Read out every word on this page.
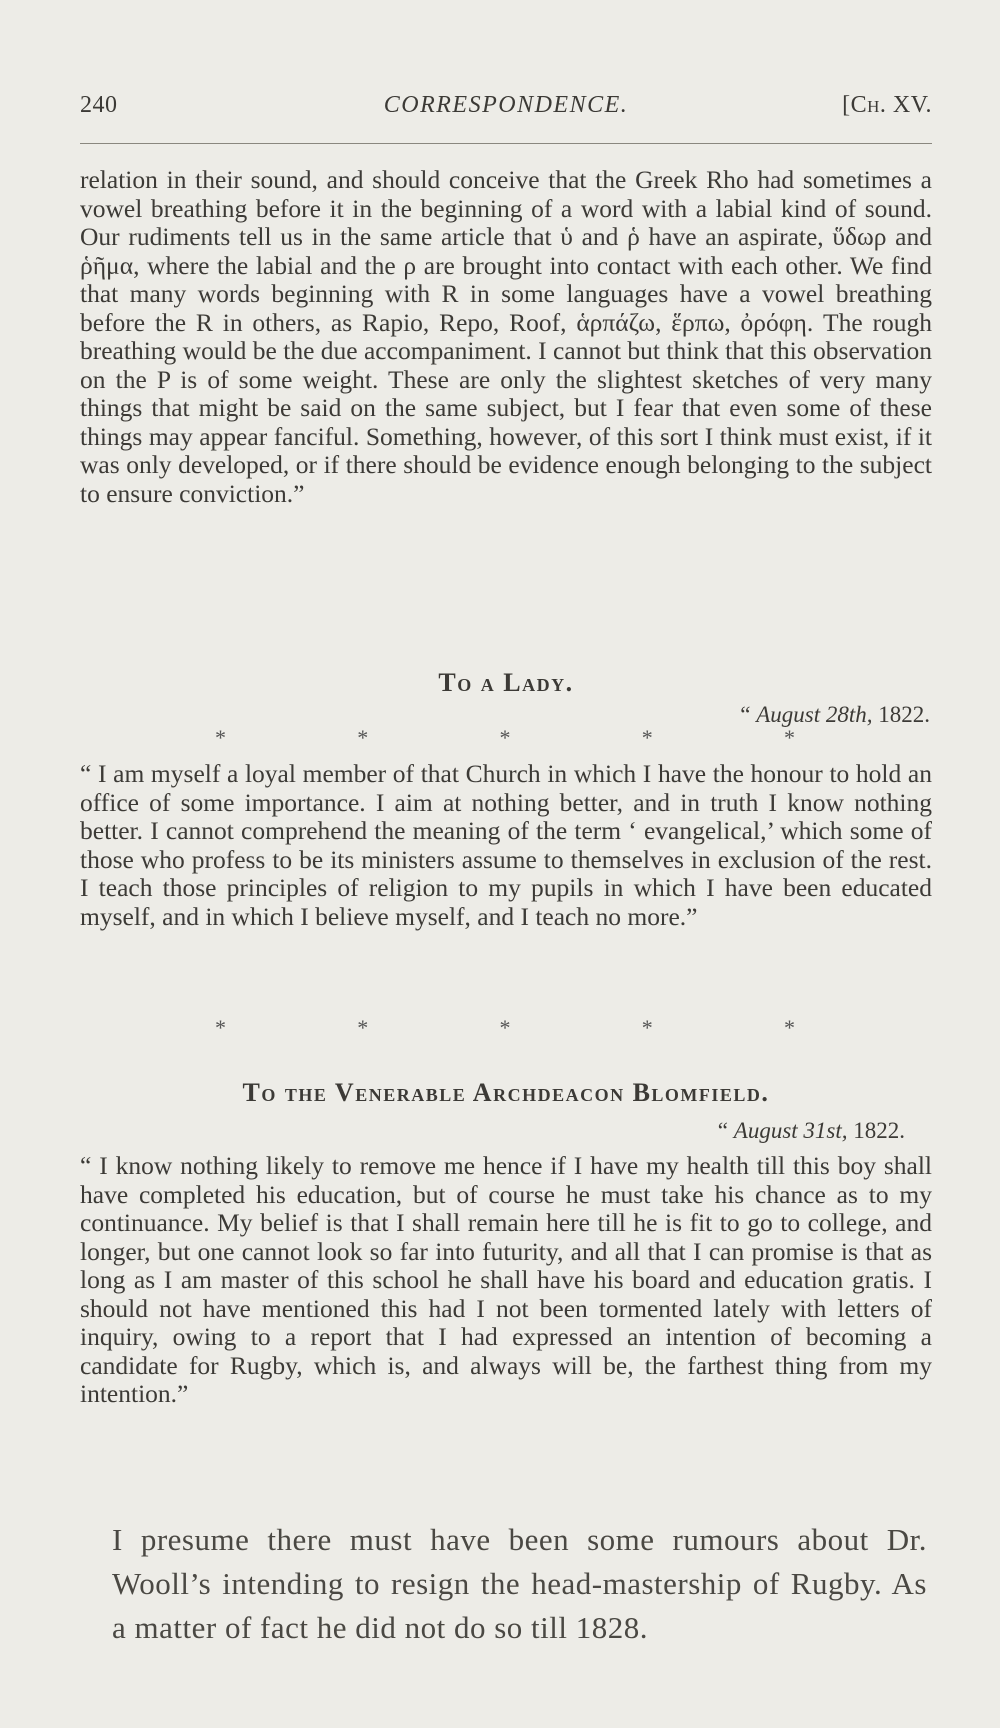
240	CORRESPONDENCE.	[Ch. XV.

relation in their sound, and should conceive that the Greek Rho had sometimes a vowel breathing before it in the beginning of a word with a labial kind of sound. Our rudiments tell us in the same article that ὑ and ῥ have an aspirate, ὕδωρ and ῥῆμα, where the labial and the ρ are brought into contact with each other. We find that many words beginning with R in some languages have a vowel breathing before the R in others, as Rapio, Repo, Roof, ἁρπάζω, ἕρπω, ὀρόφη. The rough breathing would be the due accompaniment. I cannot but think that this observation on the P is of some weight. These are only the slightest sketches of very many things that might be said on the same subject, but I fear that even some of these things may appear fanciful. Something, however, of this sort I think must exist, if it was only developed, or if there should be evidence enough belonging to the subject to ensure conviction.”

To a Lady.

“ August 28th, 1822.

*	*	*	*	*

“ I am myself a loyal member of that Church in which I have the honour to hold an office of some importance. I aim at nothing better, and in truth I know nothing better. I cannot comprehend the meaning of the term ‘ evangelical,’ which some of those who profess to be its ministers assume to themselves in exclusion of the rest. I teach those principles of religion to my pupils in which I have been educated myself, and in which I believe myself, and I teach no more.”

*	*	*	*	*
To the Venerable Archdeacon Blomfield.

“ August 31st, 1822.

“ I know nothing likely to remove me hence if I have my health till this boy shall have completed his education, but of course he must take his chance as to my continuance. My belief is that I shall remain here till he is fit to go to college, and longer, but one cannot look so far into futurity, and all that I can promise is that as long as I am master of this school he shall have his board and education gratis. I should not have mentioned this had I not been tormented lately with letters of inquiry, owing to a report that I had expressed an intention of becoming a candidate for Rugby, which is, and always will be, the farthest thing from my intention.”

I presume there must have been some rumours about Dr. Wooll’s intending to resign the head-mastership of Rugby. As a matter of fact he did not do so till 1828.
